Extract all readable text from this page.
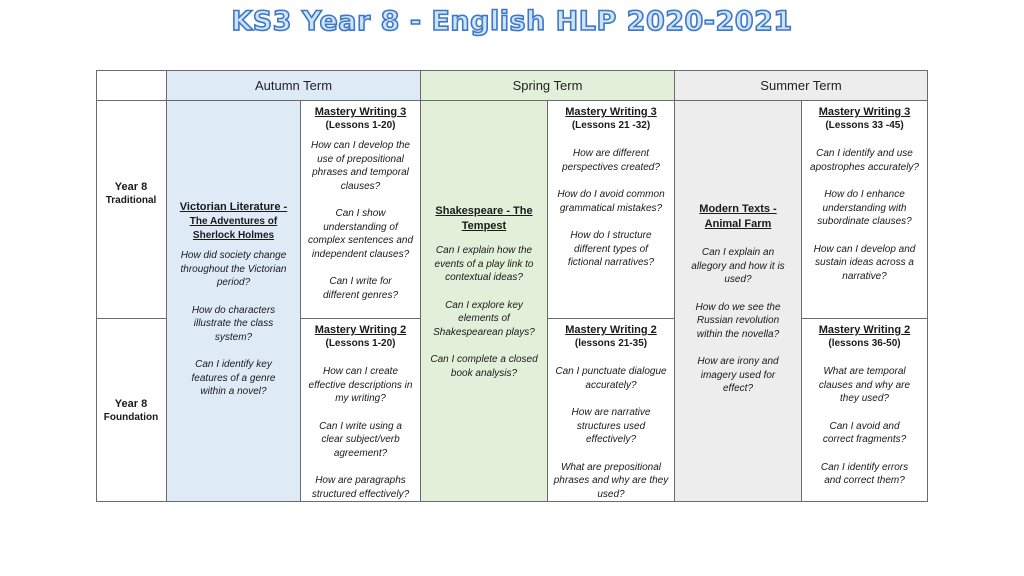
KS3 Year 8 - English HLP 2020-2021
Autumn Term	Spring Term	Summer Term
Year 8
Traditional
Year 8
Foundation

Victorian Literature -

The Adventures of

Sherlock Holmes

How did society change throughout the Victorian period?

How do characters illustrate the class system?

Can I identify key features of a genre within a novel?

Mastery Writing 3

(Lessons 1-20)

How can I develop the use of prepositional phrases and temporal clauses?

Can I show understanding of complex sentences and independent clauses?

Can I write for different genres?

Mastery Writing 2

(Lessons 1-20)

How can I create effective descriptions in my writing?

Can I write using a clear subject/verb agreement?

How are paragraphs structured effectively?

Shakespeare - The

Tempest

Can I explain how the events of a play link to contextual ideas?

Can I explore key elements of Shakespearean plays?

Can I complete a closed book analysis?

Mastery Writing 3

(Lessons 21 -32)

How are different perspectives created?

How do I avoid common grammatical mistakes?

How do I structure different types of fictional narratives?

Mastery Writing 2

(lessons 21-35)

Can I punctuate dialogue accurately?

How are narrative structures used effectively?

What are prepositional phrases and why are they used?

Modern Texts -

Animal Farm

Can I explain an allegory and how it is used?

How do we see the Russian revolution within the novella?

How are irony and imagery used for effect?

Mastery Writing 3

(Lessons 33 -45)

Can I identify and use apostrophes accurately?

How do I enhance understanding with subordinate clauses?

How can I develop and sustain ideas across a narrative?

Mastery Writing 2

(lessons 36-50)

What are temporal clauses and why are they used?

Can I avoid and correct fragments?

Can I identify errors and correct them?
